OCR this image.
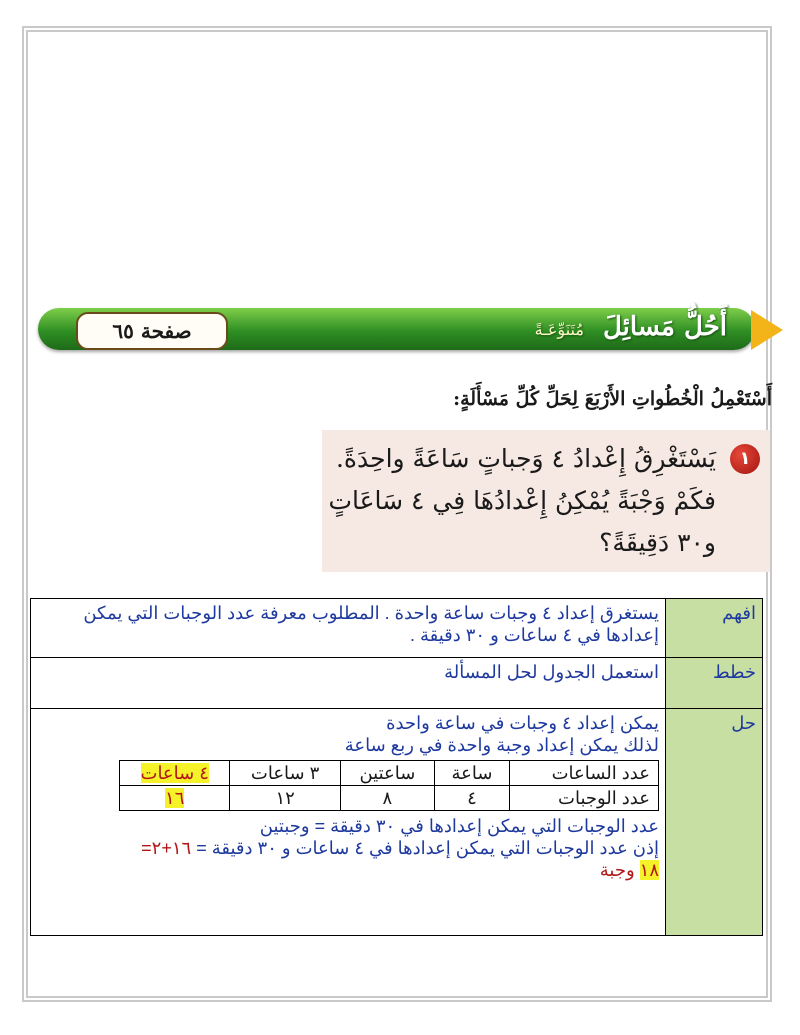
أَحُلُّ مَسائِلَ مُتَنَوِّعَـةً
صفحة ٦٥
أَسْتَعْمِلُ الْخُطُواتِ الأَرْبَعَ لِحَلِّ كُلِّ مَسْأَلَةٍ:
١
يَسْتَغْرِقُ إِعْدادُ ٤ وَجباتٍ سَاعَةً واحِدَةً.
فكَمْ وَجْبَةً يُمْكِنُ إِعْدادُهَا فِي ٤ سَاعَاتٍ
و٣٠ دَقِيقَةً؟
افهم	يستغرق إعداد ٤ وجبات ساعة واحدة . المطلوب معرفة عدد الوجبات التي يمكن إعدادها في ٤ ساعات و ٣٠ دقيقة .
خطط	استعمل الجدول لحل المسألة
حل	
يمكن إعداد ٤ وجبات في ساعة واحدة
لذلك يمكن إعداد وجبة واحدة في ربع ساعة
عدد الساعات	ساعة	ساعتين	٣ ساعات	٤ ساعات
عدد الوجبات	٤	٨	١٢	١٦
عدد الوجبات التي يمكن إعدادها في ٣٠ دقيقة = وجبتين
إذن عدد الوجبات التي يمكن إعدادها في ٤ ساعات و ٣٠ دقيقة = ١٦+٢=
١٨ وجبة
